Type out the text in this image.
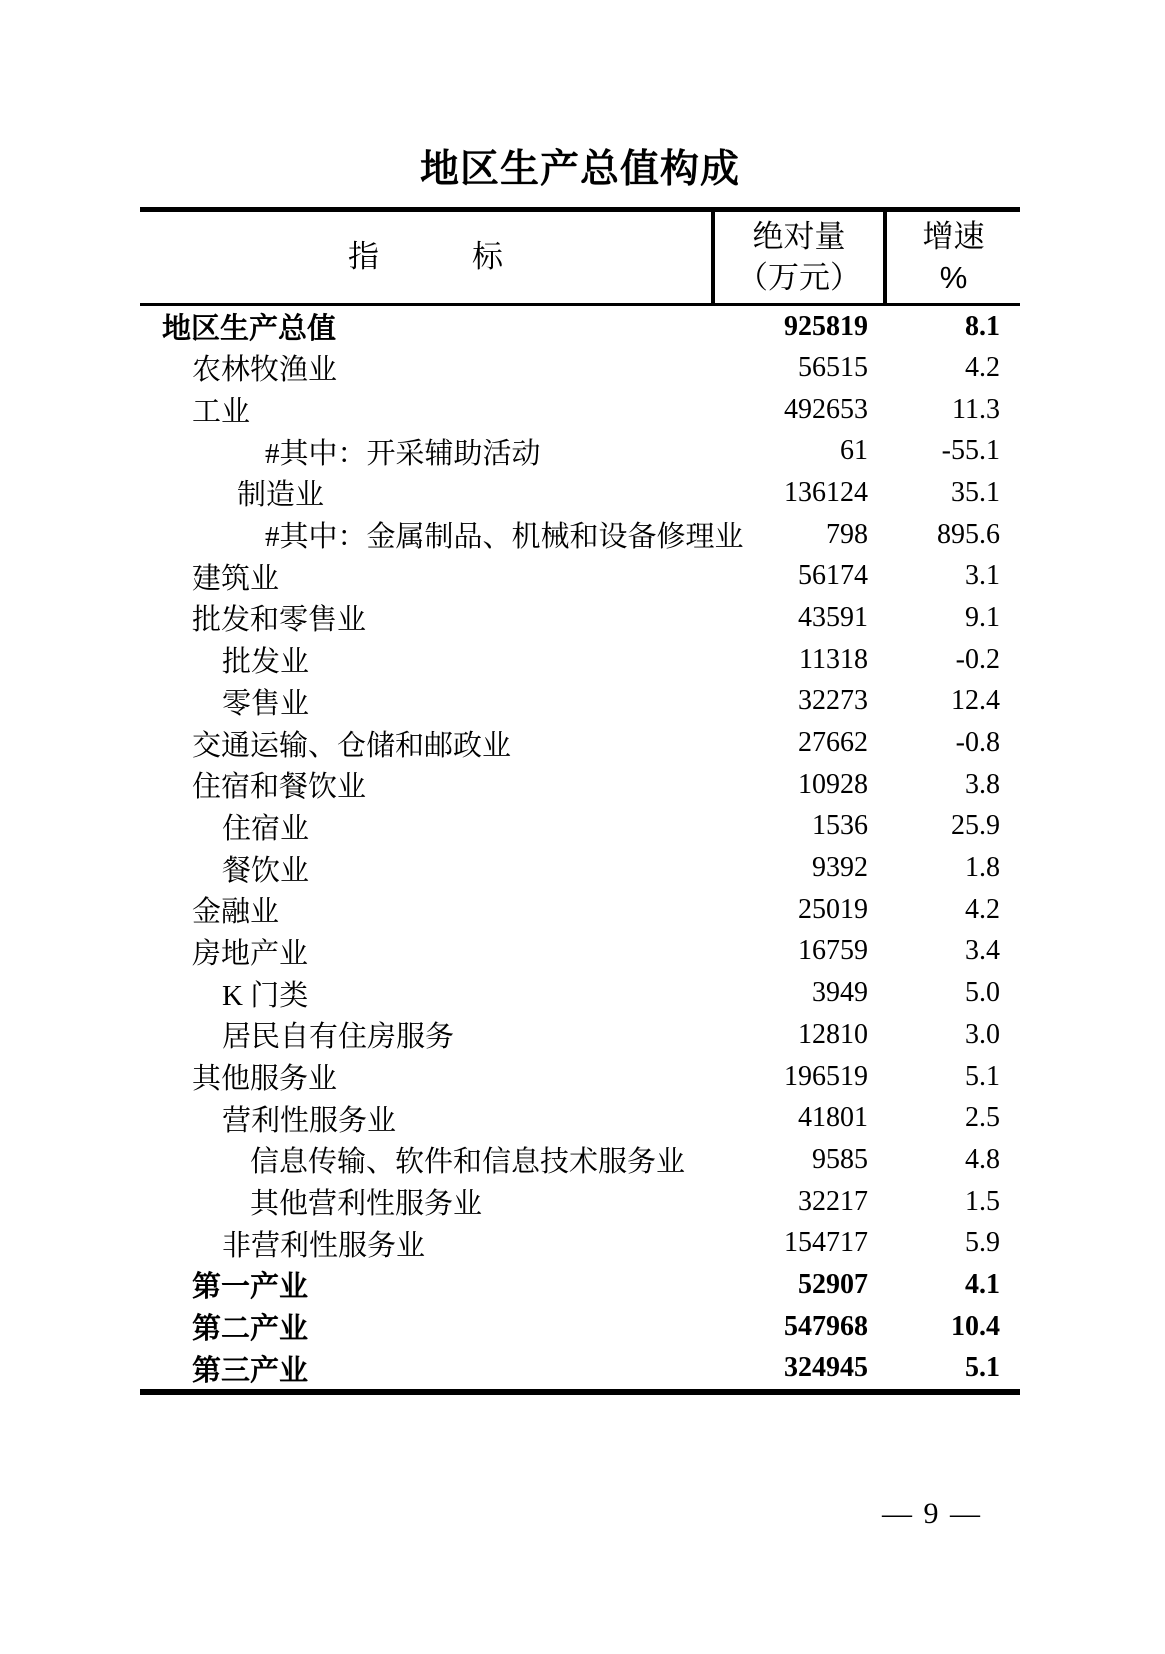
地区生产总值构成
指　　　标	
绝对量
（万元）

增速
%

地区生产总值	925819	8.1
农林牧渔业	56515	4.2
工业	492653	11.3
#其中：开采辅助活动	61	-55.1
制造业	136124	35.1
#其中：金属制品、机械和设备修理业	798	895.6
建筑业	56174	3.1
批发和零售业	43591	9.1
批发业	11318	-0.2
零售业	32273	12.4
交通运输、仓储和邮政业	27662	-0.8
住宿和餐饮业	10928	3.8
住宿业	1536	25.9
餐饮业	9392	1.8
金融业	25019	4.2
房地产业	16759	3.4
K 门类	3949	5.0
居民自有住房服务	12810	3.0
其他服务业	196519	5.1
营利性服务业	41801	2.5
信息传输、软件和信息技术服务业	9585	4.8
其他营利性服务业	32217	1.5
非营利性服务业	154717	5.9
第一产业	52907	4.1
第二产业	547968	10.4
第三产业	324945	5.1
— 9 —
